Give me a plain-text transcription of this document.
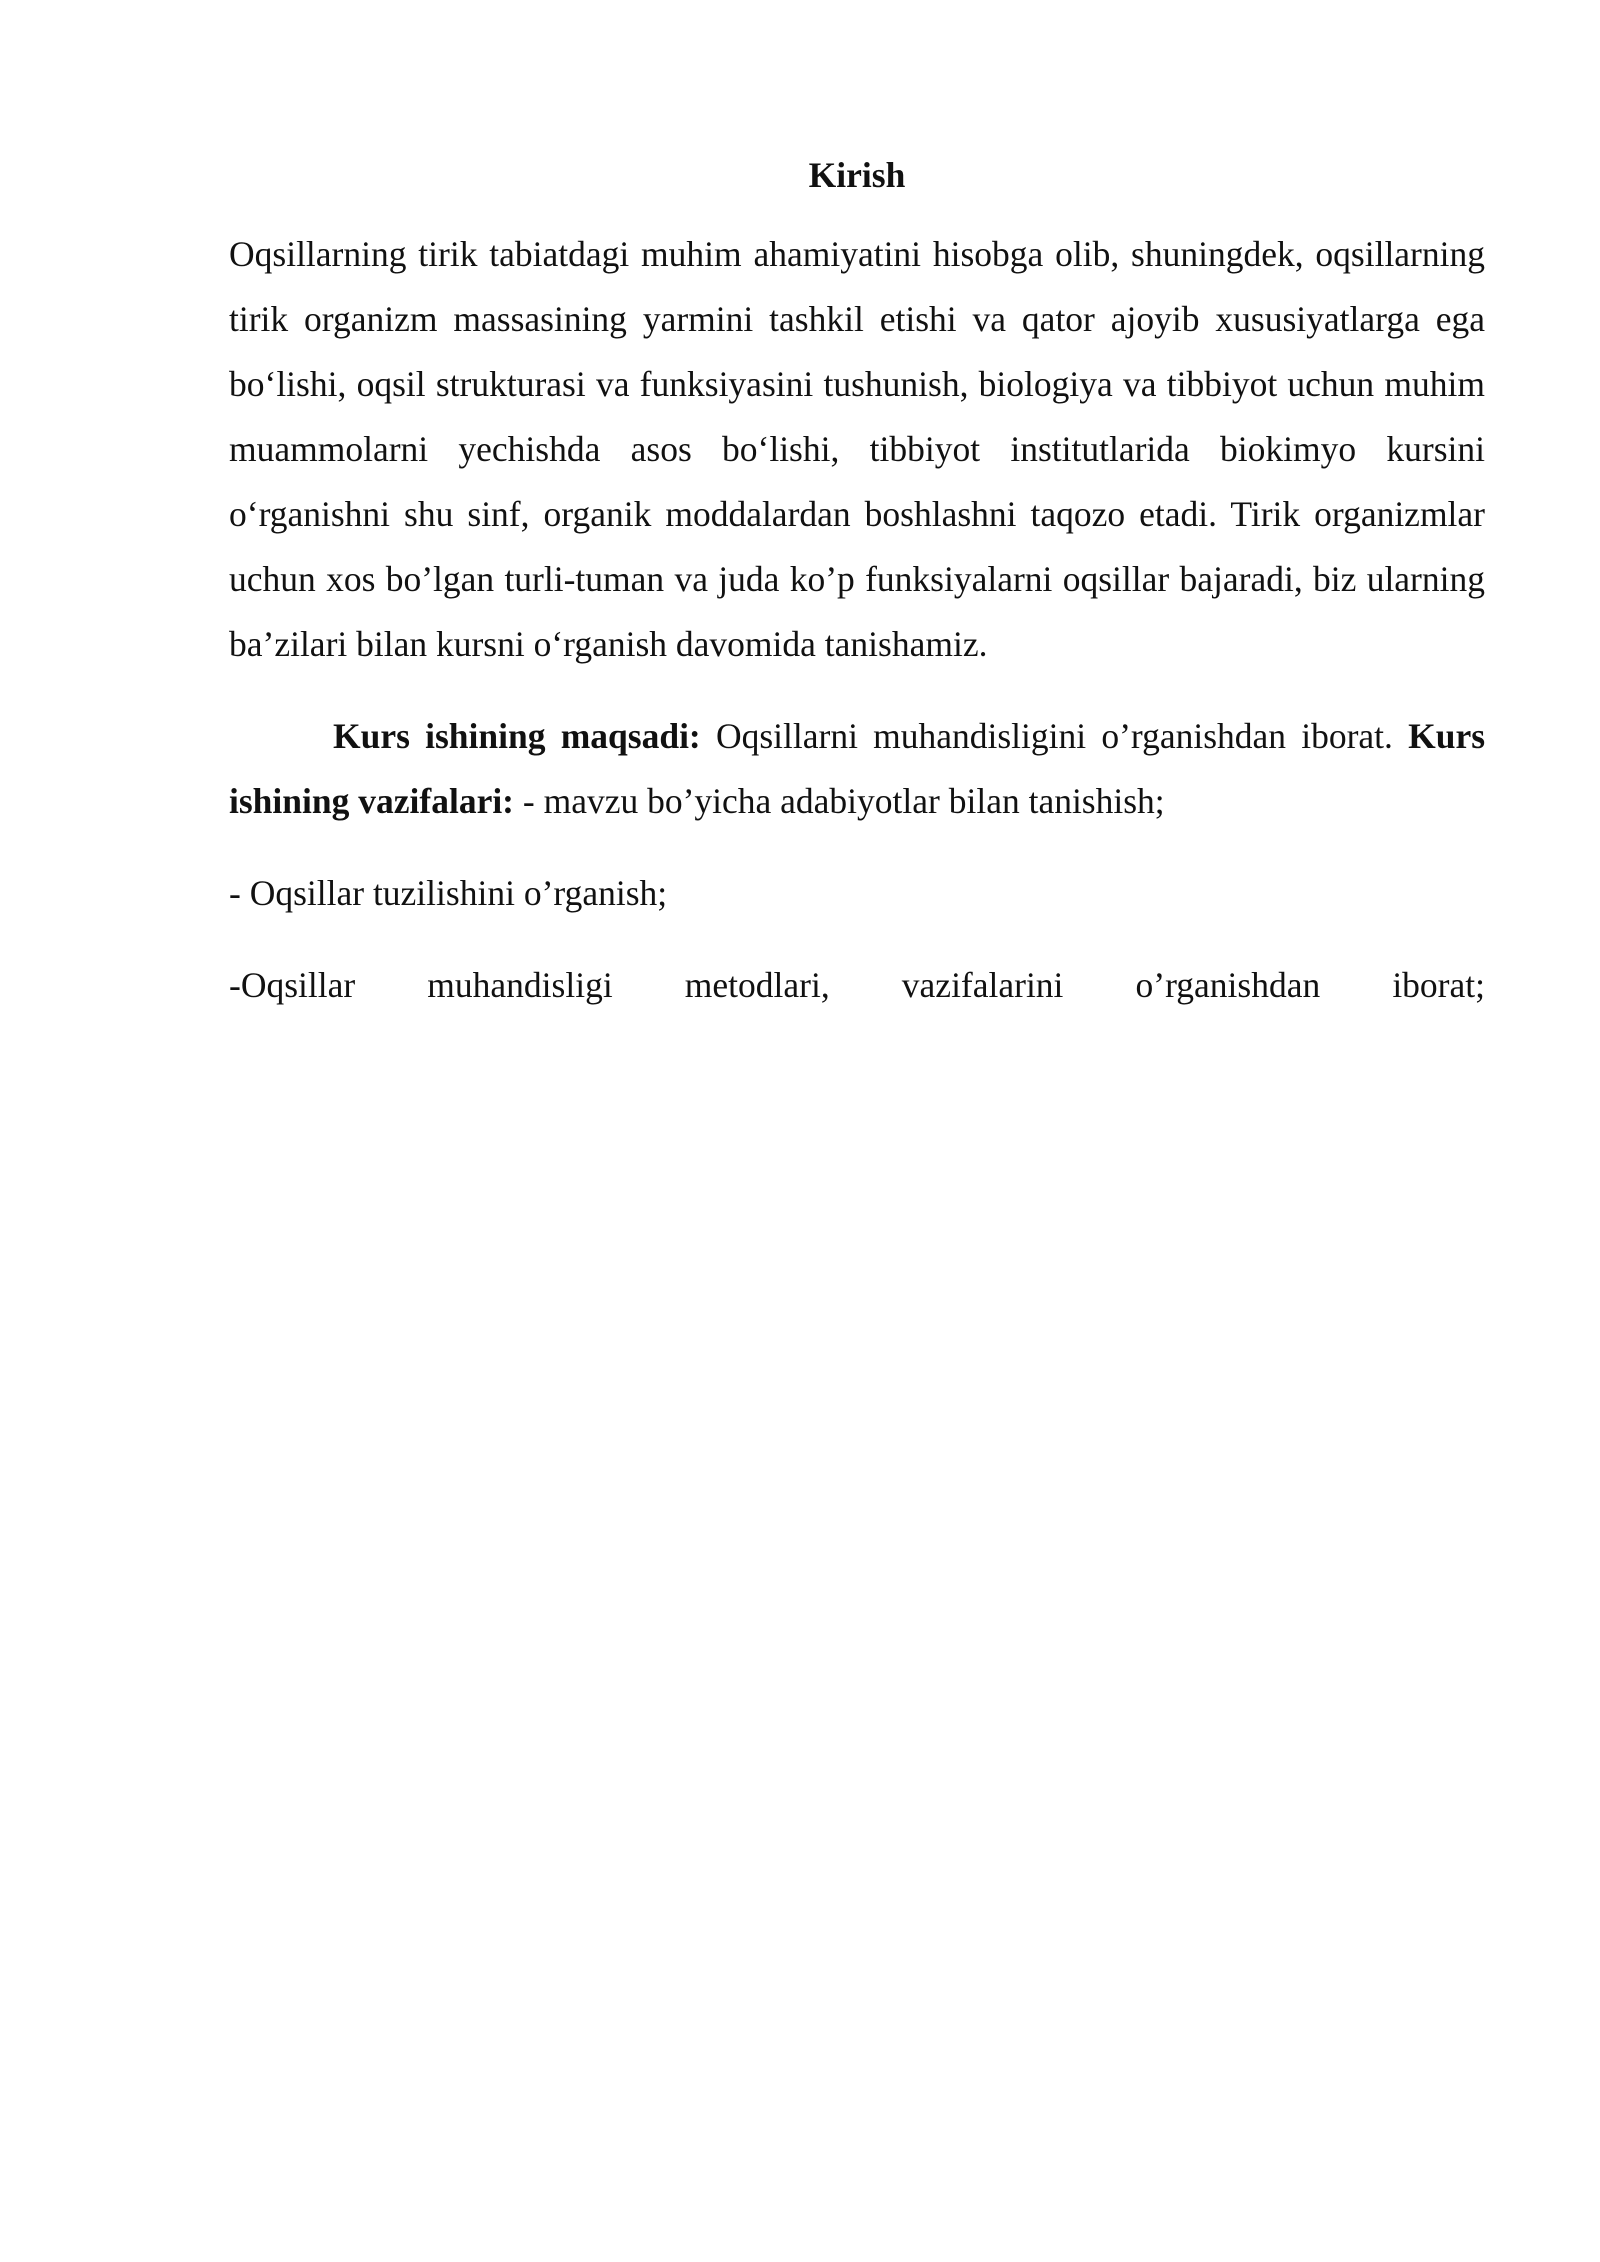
Kirish

Oqsillarning tirik tabiatdagi muhim ahamiyatini hisobga olib, shuningdek, oqsillarning tirik organizm massasining yarmini tashkil etishi va qator ajoyib xususiyatlarga ega bo‘lishi, oqsil strukturasi va funksiyasini tushunish, biologiya va tibbiyot uchun muhim muammolarni yechishda asos bo‘lishi, tibbiyot institutlarida biokimyo kursini o‘rganishni shu sinf, organik moddalardan boshlashni taqozo etadi. Tirik organizmlar uchun xos bo’lgan turli-tuman va juda ko’p funksiyalarni oqsillar bajaradi, biz ularning ba’zilari bilan kursni o‘rganish davomida tanishamiz.

Kurs ishining maqsadi: Oqsillarni muhandisligini o’rganishdan iborat. Kurs ishining vazifalari: - mavzu bo’yicha adabiyotlar bilan tanishish;

- Oqsillar tuzilishini o’rganish;

-Oqsillar muhandisligi metodlari, vazifalarini o’rganishdan iborat;
